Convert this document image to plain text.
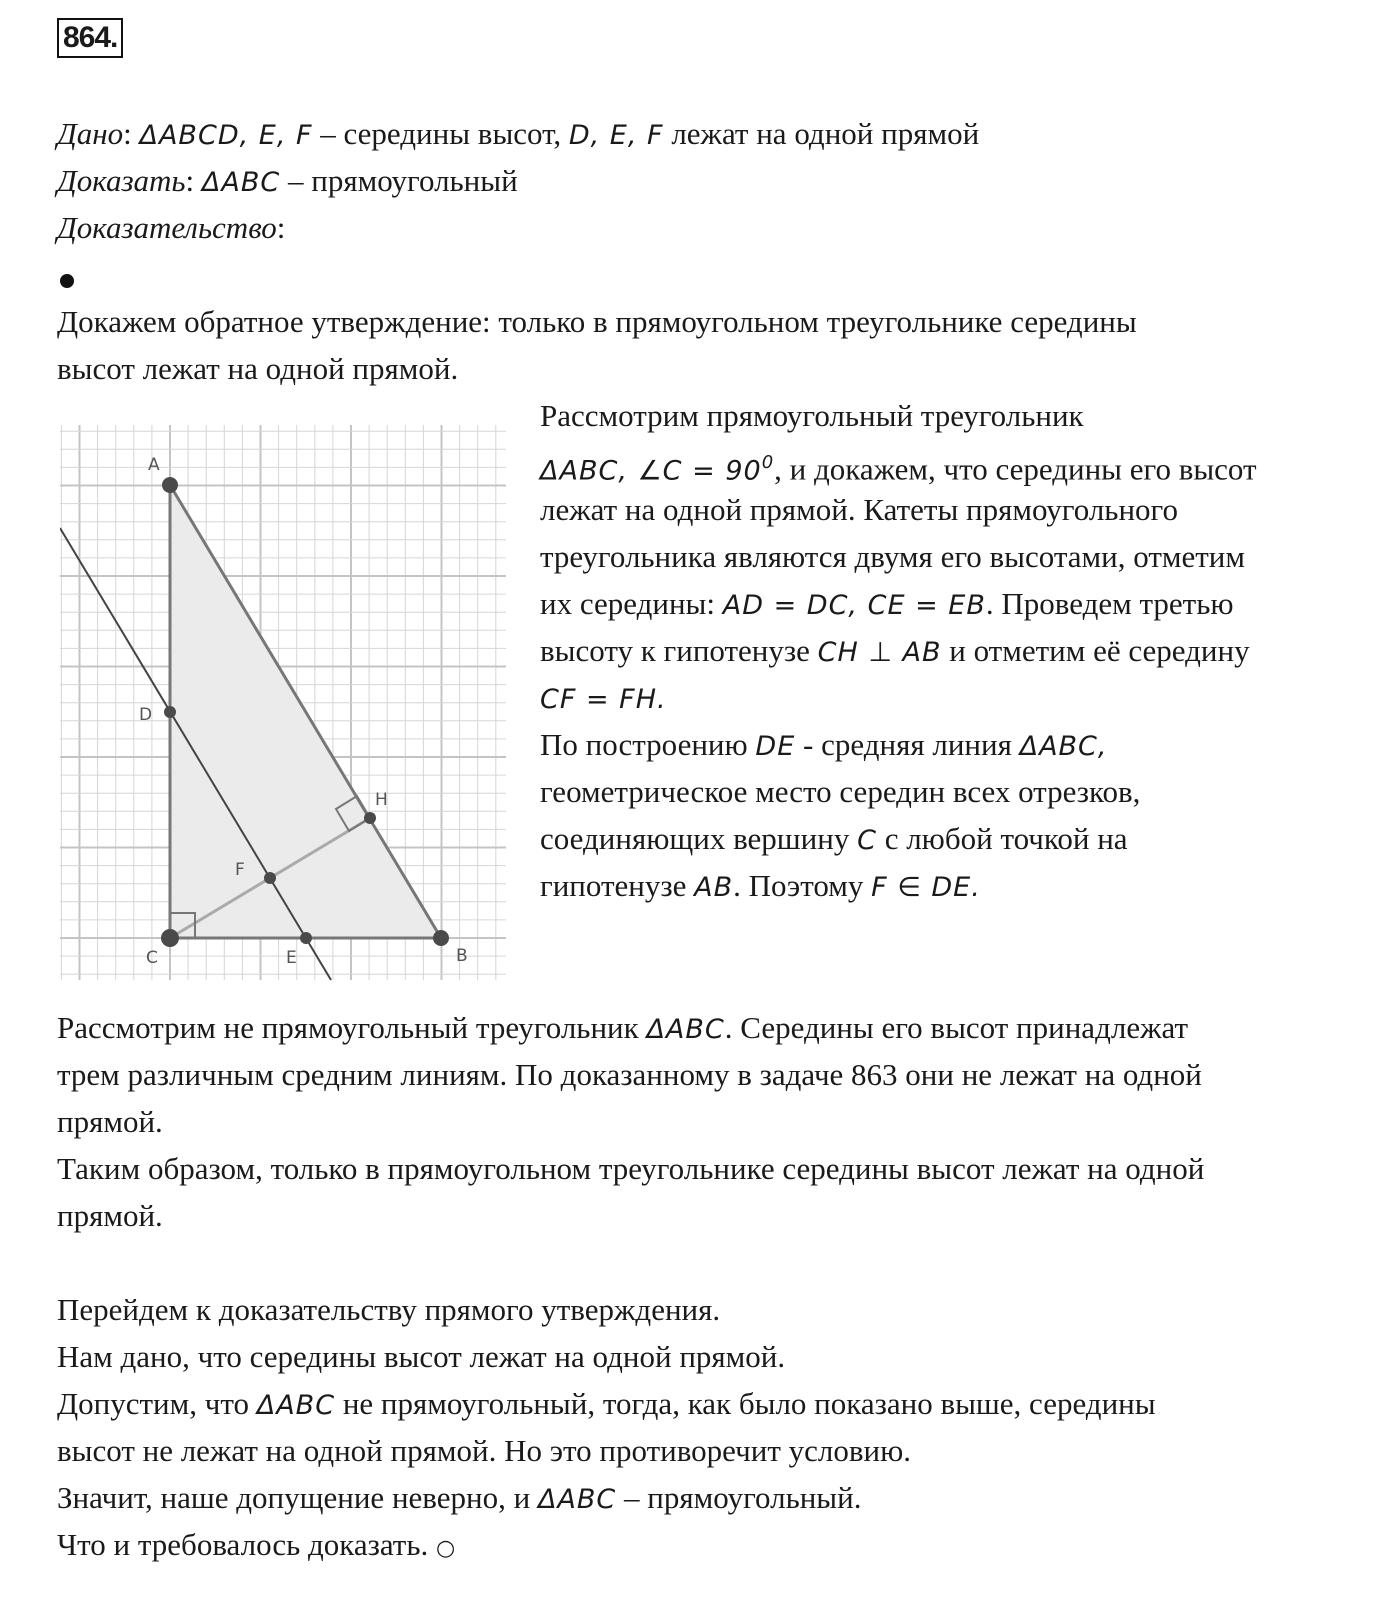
864.
Дано: ΔABCD, E, F – середины высот, D, E, F лежат на одной прямой
Доказать: ΔABC – прямоугольный
Доказательство:
Докажем обратное утверждение: только в прямоугольном треугольнике середины
высот лежат на одной прямой.
A
B
C
D
E
F
H
Рассмотрим прямоугольный треугольник
ΔABC, ∠C = $90^0$, и докажем, что середины его высот
лежат на одной прямой. Катеты прямоугольного
треугольника являются двумя его высотами, отметим
их середины: AD = DC, CE = EB. Проведем третью
высоту к гипотенузе CH ⊥ AB и отметим её середину
CF = FH.
По построению DE - средняя линия ΔABC,
геометрическое место середин всех отрезков,
соединяющих вершину C с любой точкой на
гипотенузе AB. Поэтому F ∈ DE.
Рассмотрим не прямоугольный треугольник ΔABC. Середины его высот принадлежат
трем различным средним линиям. По доказанному в задаче 863 они не лежат на одной
прямой.
Таким образом, только в прямоугольном треугольнике середины высот лежат на одной
прямой.
Перейдем к доказательству прямого утверждения.
Нам дано, что середины высот лежат на одной прямой.
Допустим, что ΔABC не прямоугольный, тогда, как было показано выше, середины
высот не лежат на одной прямой. Но это противоречит условию.
Значит, наше допущение неверно, и ΔABC – прямоугольный.
Что и требовалось доказать. ○
